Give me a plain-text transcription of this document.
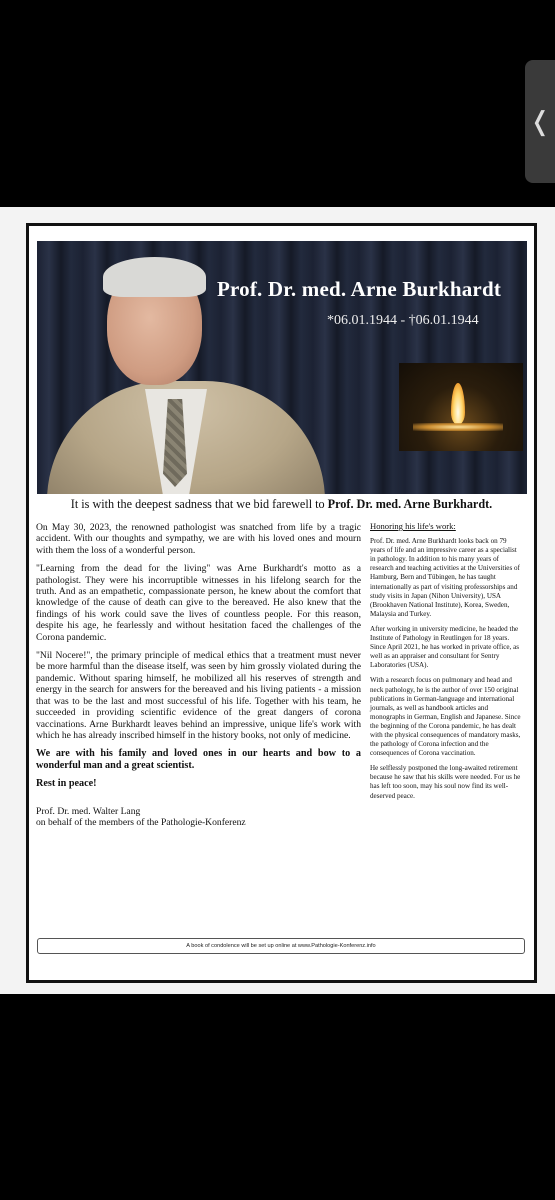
❬
Prof. Dr. med. Arne Burkhardt
*06.01.1944 - †06.01.1944
It is with the deepest sadness that we bid farewell to Prof. Dr. med. Arne Burkhardt.

On May 30, 2023, the renowned pathologist was snatched from life by a tragic accident. With our thoughts and sympathy, we are with his loved ones and mourn with them the loss of a wonderful person.

"Learning from the dead for the living" was Arne Burkhardt's motto as a pathologist. They were his incorruptible witnesses in his lifelong search for the truth. And as an empathetic, compassionate person, he knew about the comfort that knowledge of the cause of death can give to the bereaved. He also knew that the findings of his work could save the lives of countless people. For this reason, despite his age, he fearlessly and without hesitation faced the challenges of the Corona pandemic.

"Nil Nocere!", the primary principle of medical ethics that a treatment must never be more harmful than the disease itself, was seen by him grossly violated during the pandemic. Without sparing himself, he mobilized all his reserves of strength and energy in the search for answers for the bereaved and his living patients - a mission that was to be the last and most successful of his life. Together with his team, he succeeded in providing scientific evidence of the great dangers of corona vaccinations. Arne Burkhardt leaves behind an impressive, unique life's work with which he has already inscribed himself in the history books, not only of medicine.

We are with his family and loved ones in our hearts and bow to a wonderful man and a great scientist.

Rest in peace!

Prof. Dr. med. Walter Lang
on behalf of the members of the Pathologie-Konferenz
Honoring his life's work:

Prof. Dr. med. Arne Burkhardt looks back on 79 years of life and an impressive career as a specialist in pathology. In addition to his many years of research and teaching activities at the Universities of Hamburg, Bern and Tübingen, he has taught internationally as part of visiting professorships and study visits in Japan (Nihon University), USA (Brookhaven National Institute), Korea, Sweden, Malaysia and Turkey.

After working in university medicine, he headed the Institute of Pathology in Reutlingen for 18 years. Since April 2021, he has worked in private office, as well as an appraiser and consultant for Sentry Laboratories (USA).

With a research focus on pulmonary and head and neck pathology, he is the author of over 150 original publications in German-language and international journals, as well as handbook articles and monographs in German, English and Japanese. Since the beginning of the Corona pandemic, he has dealt with the physical consequences of mandatory masks, the pathology of Corona infection and the consequences of Corona vaccination.

He selflessly postponed the long-awaited retirement because he saw that his skills were needed. For us he has left too soon, may his soul now find its well-deserved peace.

A book of condolence will be set up online at www.Pathologie-Konferenz.info
